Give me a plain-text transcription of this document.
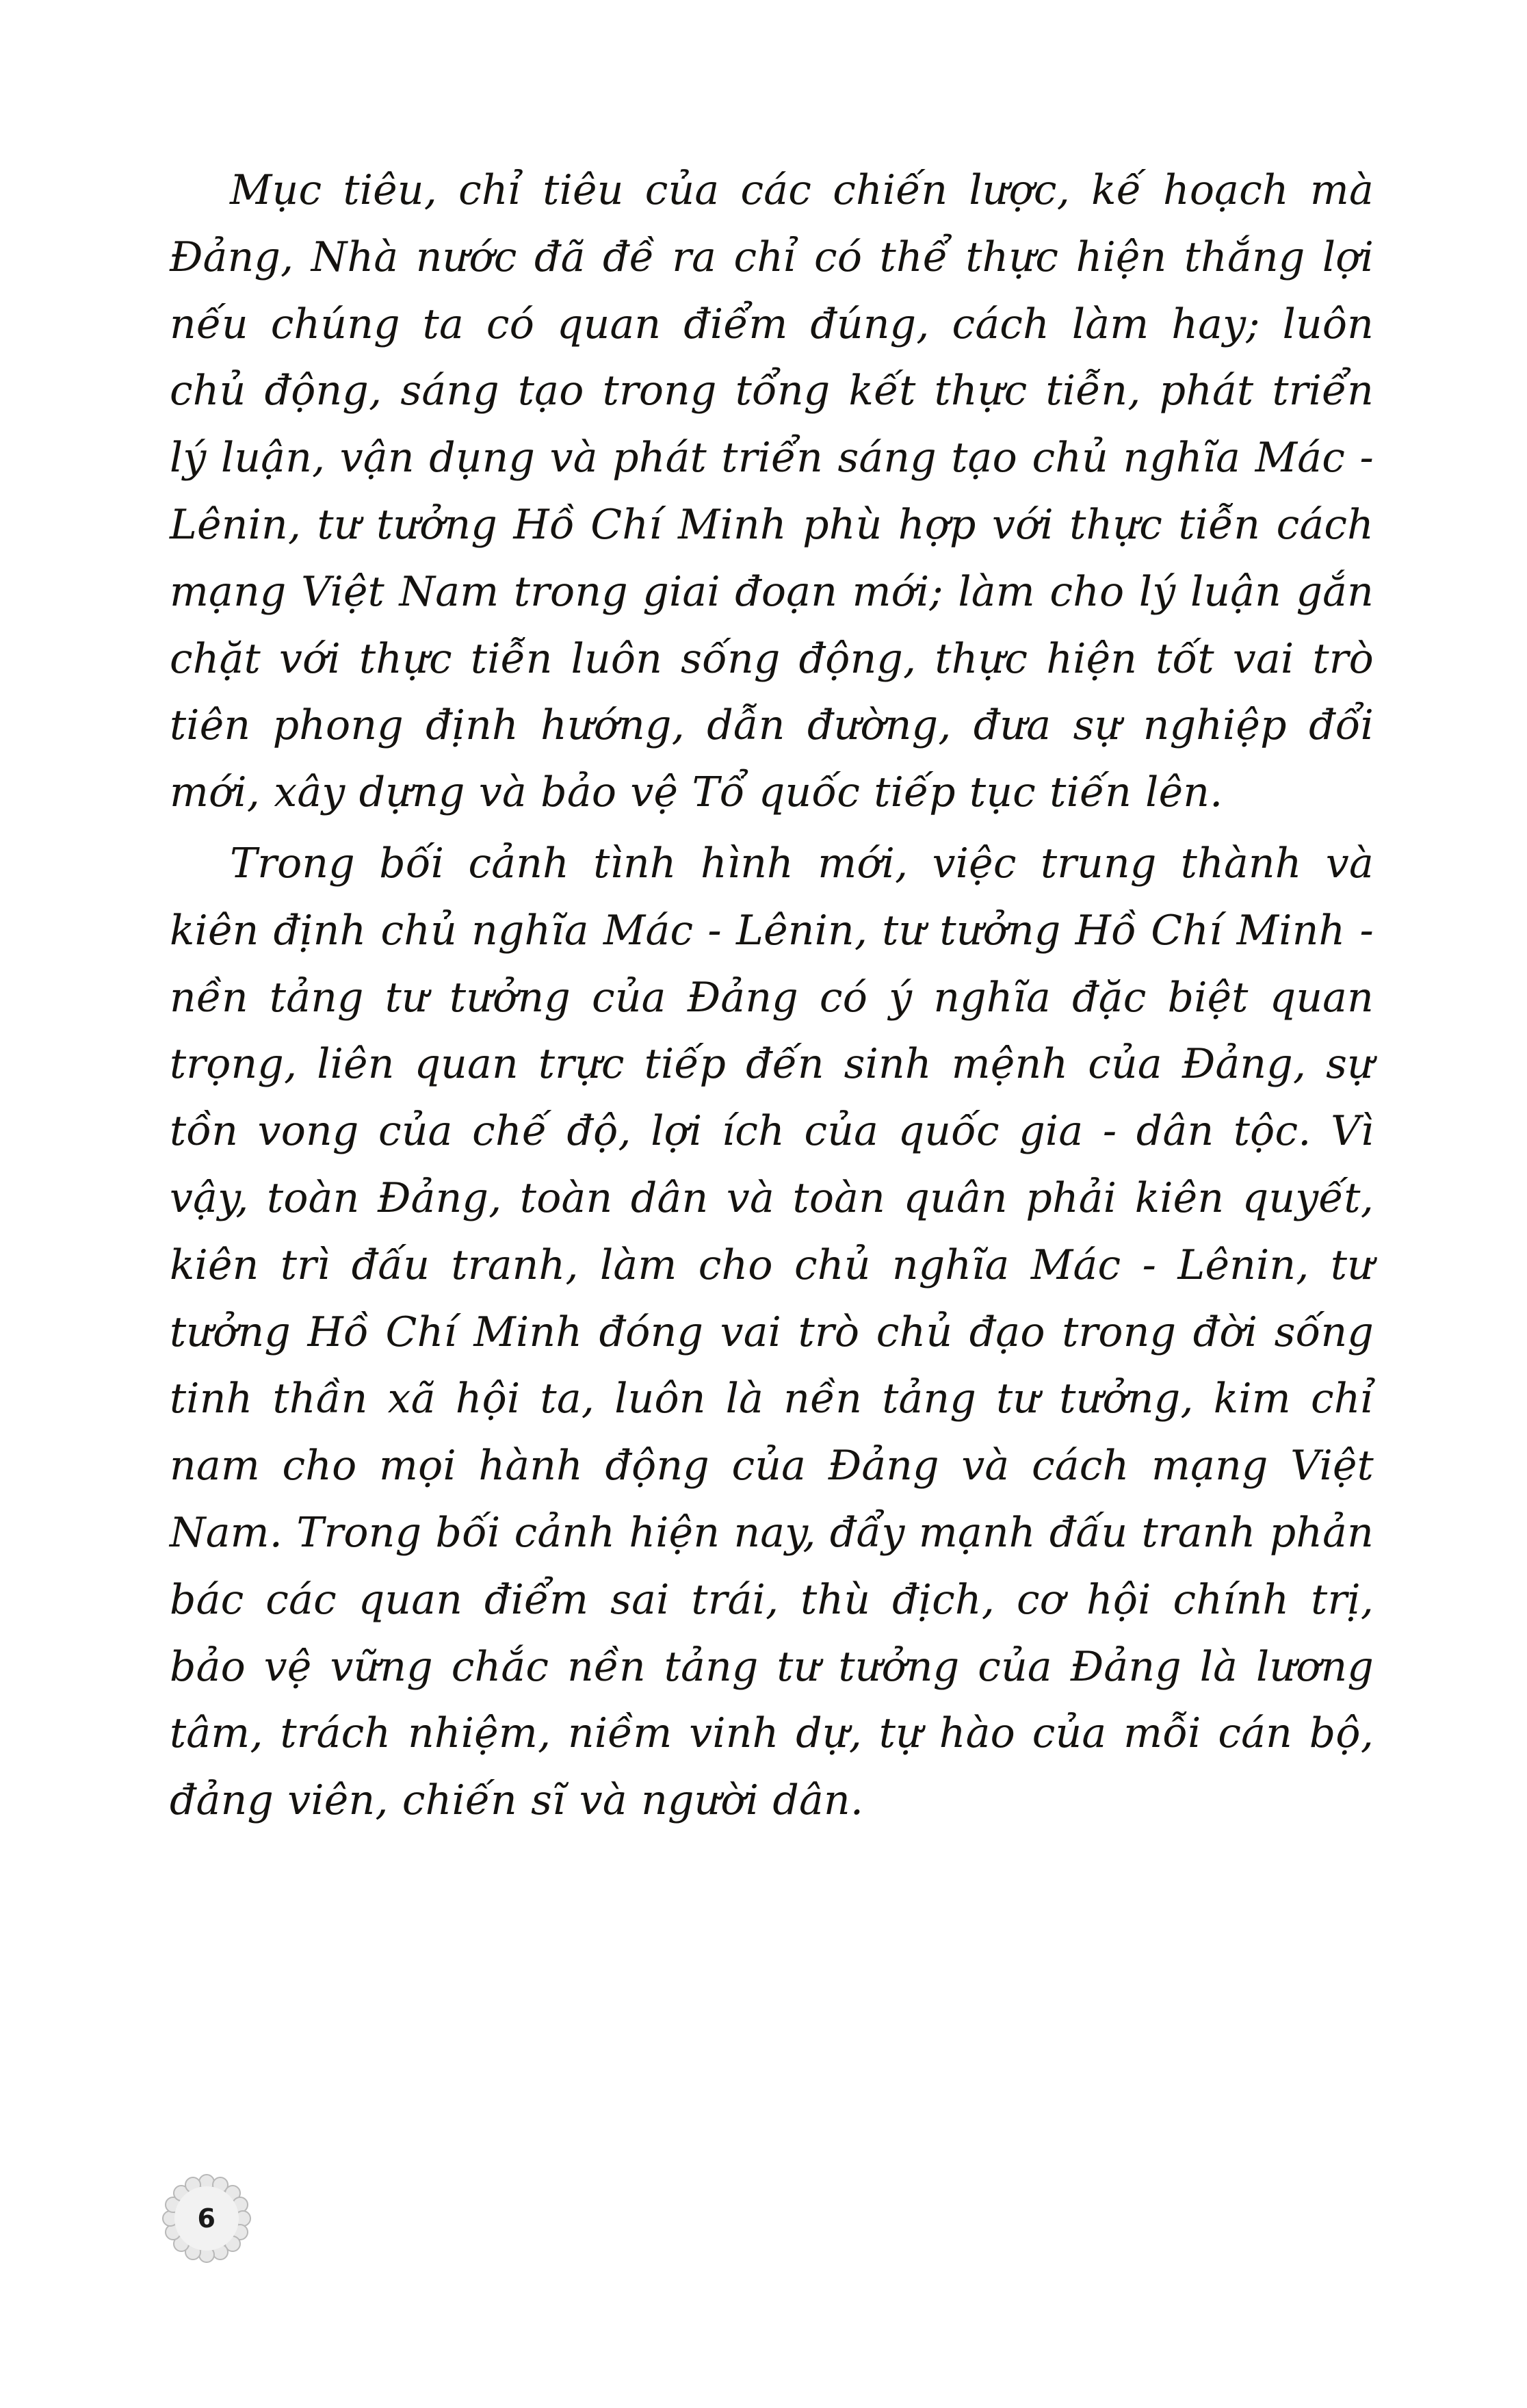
Mục tiêu, chỉ tiêu của các chiến lược, kế hoạch mà Đảng, Nhà nước đã đề ra chỉ có thể thực hiện thắng lợi nếu chúng ta có quan điểm đúng, cách làm hay; luôn chủ động, sáng tạo trong tổng kết thực tiễn, phát triển lý luận, vận dụng và phát triển sáng tạo chủ nghĩa Mác - Lênin, tư tưởng Hồ Chí Minh phù hợp với thực tiễn cách mạng Việt Nam trong giai đoạn mới; làm cho lý luận gắn chặt với thực tiễn luôn sống động, thực hiện tốt vai trò tiên phong định hướng, dẫn đường, đưa sự nghiệp đổi mới, xây dựng và bảo vệ Tổ quốc tiếp tục tiến lên.

Trong bối cảnh tình hình mới, việc trung thành và kiên định chủ nghĩa Mác - Lênin, tư tưởng Hồ Chí Minh - nền tảng tư tưởng của Đảng có ý nghĩa đặc biệt quan trọng, liên quan trực tiếp đến sinh mệnh của Đảng, sự tồn vong của chế độ, lợi ích của quốc gia - dân tộc. Vì vậy, toàn Đảng, toàn dân và toàn quân phải kiên quyết, kiên trì đấu tranh, làm cho chủ nghĩa Mác - Lênin, tư tưởng Hồ Chí Minh đóng vai trò chủ đạo trong đời sống tinh thần xã hội ta, luôn là nền tảng tư tưởng, kim chỉ nam cho mọi hành động của Đảng và cách mạng Việt Nam. Trong bối cảnh hiện nay, đẩy mạnh đấu tranh phản bác các quan điểm sai trái, thù địch, cơ hội chính trị, bảo vệ vững chắc nền tảng tư tưởng của Đảng là lương tâm, trách nhiệm, niềm vinh dự, tự hào của mỗi cán bộ, đảng viên, chiến sĩ và người dân.

6
